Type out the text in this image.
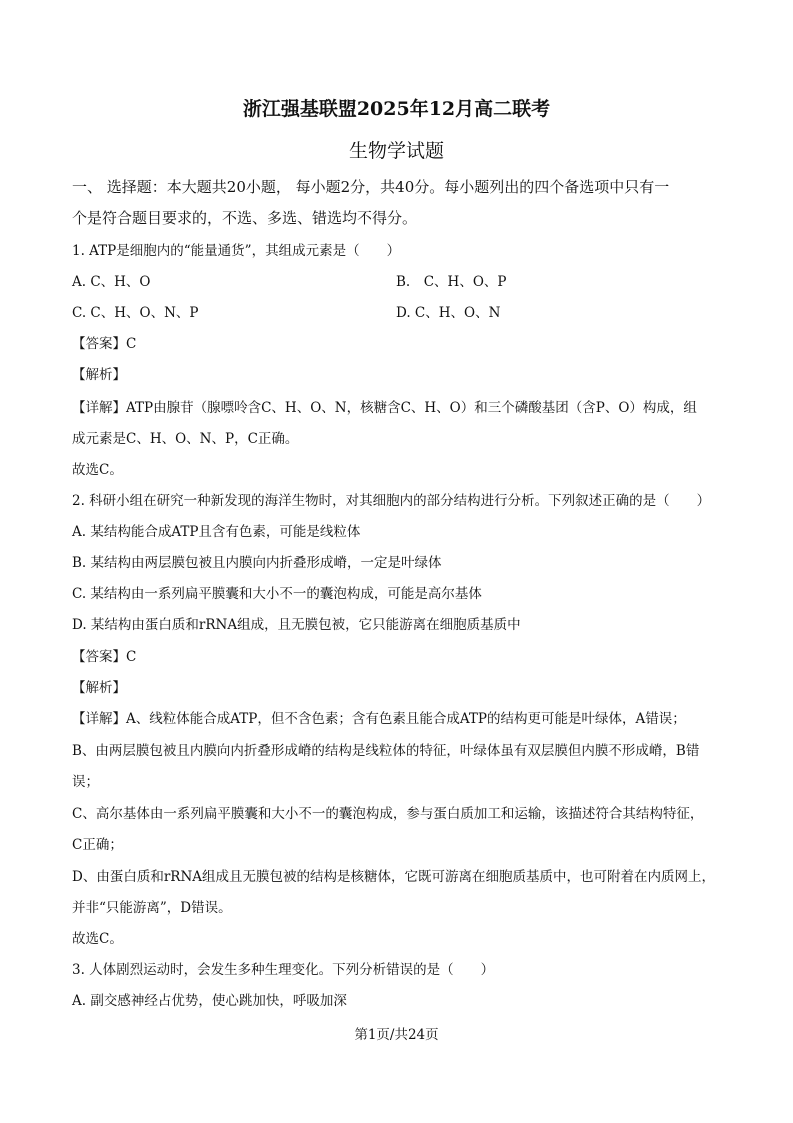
浙江强基联盟2025年12月高二联考
生物学试题
一、 选择题：本大题共20小题， 每小题2分，共40分。每小题列出的四个备选项中只有一
个是符合题目要求的，不选、多选、错选均不得分。
1. ATP是细胞内的“能量通货”，其组成元素是（　　）
A. C、H、O	B.　C、H、O、P
C. C、H、O、N、P	D. C、H、O、N
【答案】C
【解析】
【详解】ATP由腺苷（腺嘌呤含C、H、O、N，核糖含C、H、O）和三个磷酸基团（含P、O）构成，组
成元素是C、H、O、N、P，C正确。
故选C。
2. 科研小组在研究一种新发现的海洋生物时，对其细胞内的部分结构进行分析。下列叙述正确的是（　　）
A. 某结构能合成ATP且含有色素，可能是线粒体
B. 某结构由两层膜包被且内膜向内折叠形成嵴，一定是叶绿体
C. 某结构由一系列扁平膜囊和大小不一的囊泡构成，可能是高尔基体
D. 某结构由蛋白质和rRNA组成，且无膜包被，它只能游离在细胞质基质中
【答案】C
【解析】
【详解】A、线粒体能合成ATP，但不含色素；含有色素且能合成ATP的结构更可能是叶绿体，A错误；
B、由两层膜包被且内膜向内折叠形成嵴的结构是线粒体的特征，叶绿体虽有双层膜但内膜不形成嵴，B错
误；
C、高尔基体由一系列扁平膜囊和大小不一的囊泡构成，参与蛋白质加工和运输，该描述符合其结构特征，
C正确；
D、由蛋白质和rRNA组成且无膜包被的结构是核糖体，它既可游离在细胞质基质中，也可附着在内质网上，
并非“只能游离”，D错误。
故选C。
3. 人体剧烈运动时，会发生多种生理变化。下列分析错误的是（　　）
A. 副交感神经占优势，使心跳加快，呼吸加深
第1页/共24页
